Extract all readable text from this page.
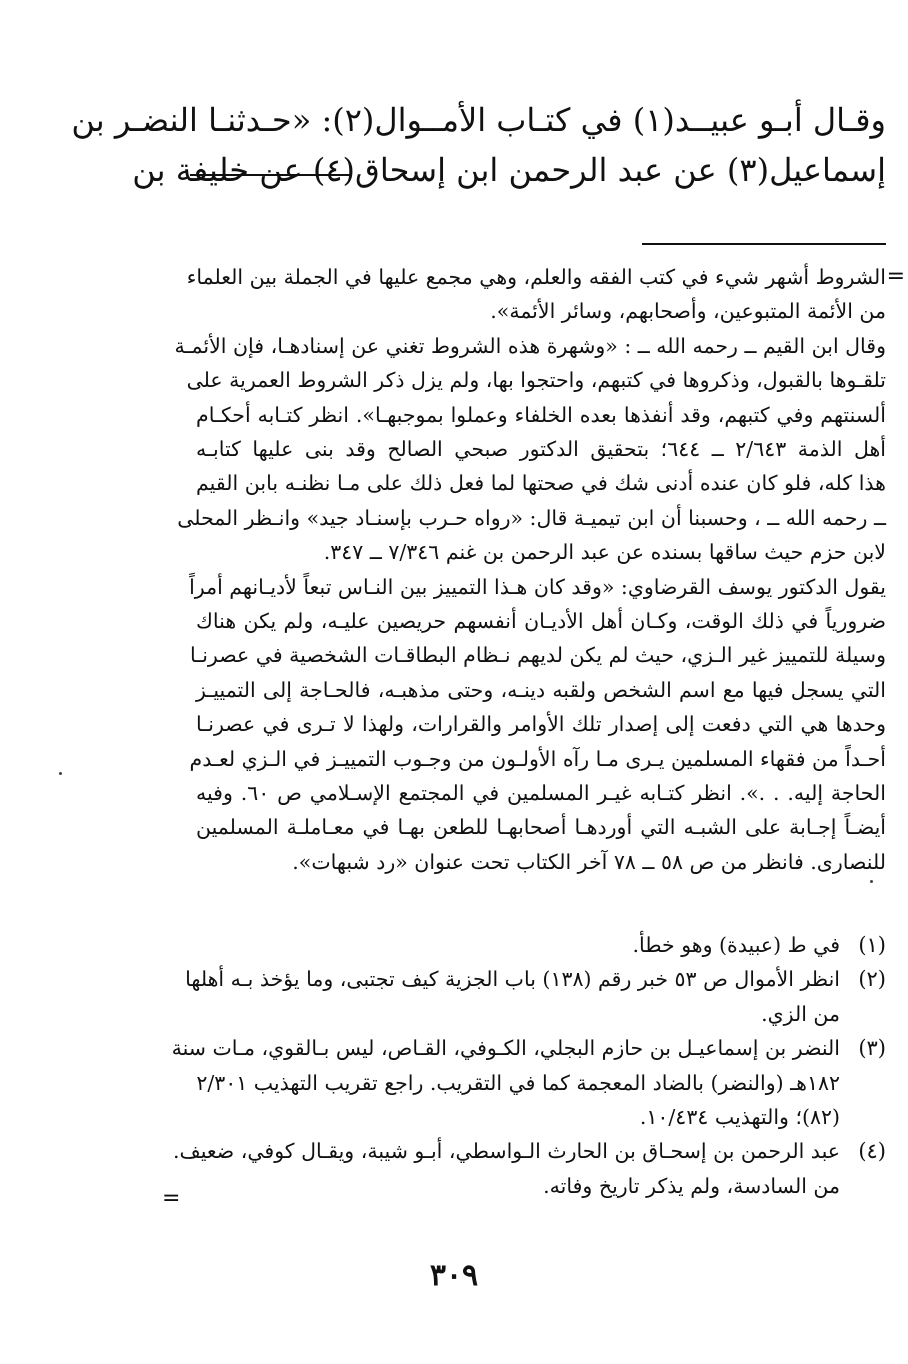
وقـال أبـو عبيــد(١) في كتـاب الأمــوال(٢): «حـدثنـا النضـر بن
إسماعيل(٣) عن عبد الرحمن ابن إسحاق(٤) عن خليفة بن
=
الشروط أشهر شيء في كتب الفقه والعلم، وهي مجمع عليها في الجملة بين العلماء
من الأئمة المتبوعين، وأصحابهم، وسائر الأئمة».
وقال ابن القيم ــ رحمه الله ــ : «وشهرة هذه الشروط تغني عن إسنادهـا، فإن الأئمـة
تلقـوها بالقبول، وذكروها في كتبهم، واحتجوا بها، ولم يزل ذكر الشروط العمرية على
ألسنتهم وفي كتبهم، وقد أنفذها بعده الخلفاء وعملوا بموجبهـا». انظر كتـابه أحكـام
أهل الذمة ٢/٦٤٣ ــ ٦٤٤؛ بتحقيق الدكتور صبحي الصالح وقد بنى عليها كتابـه
هذا كله، فلو كان عنده أدنى شك في صحتها لما فعل ذلك على مـا نظنـه بابن القيم
ــ رحمه الله ــ ، وحسبنا أن ابن تيميـة قال: «رواه حـرب بإسنـاد جيد» وانـظر المحلى
لابن حزم حيث ساقها بسنده عن عبد الرحمن بن غنم ٧/٣٤٦ ــ ٣٤٧.
يقول الدكتور يوسف القرضاوي: «وقد كان هـذا التمييز بين النـاس تبعاً لأديـانهم أمراً
ضرورياً في ذلك الوقت، وكـان أهل الأديـان أنفسهم حريصين عليـه، ولم يكن هناك
وسيلة للتمييز غير الـزي، حيث لم يكن لديهم نـظام البطاقـات الشخصية في عصرنـا
التي يسجل فيها مع اسم الشخص ولقبه دينـه، وحتى مذهبـه، فالحـاجة إلى التمييـز
وحدها هي التي دفعت إلى إصدار تلك الأوامر والقرارات، ولهذا لا تـرى في عصرنـا
أحـداً من فقهاء المسلمين يـرى مـا رآه الأولـون من وجـوب التمييـز في الـزي لعـدم
الحاجة إليه. . .». انظر كتـابه غيـر المسلمين في المجتمع الإسـلامي ص ٦٠. وفيه
أيضـاً إجـابة على الشبـه التي أوردهـا أصحابهـا للطعن بهـا في معـاملـة المسلمين
للنصارى. فانظر من ص ٥٨ ــ ٧٨ آخر الكتاب تحت عنوان «رد شبهات».
(١)
في ط (عبيدة) وهو خطأ.
(٢)
انظر الأموال ص ٥٣ خبر رقم (١٣٨) باب الجزية كيف تجتبى، وما يؤخذ بـه أهلها
من الزي.
(٣)
النضر بن إسماعيـل بن حازم البجلي، الكـوفي، القـاص، ليس بـالقوي، مـات سنة
١٨٢هـ (والنضر) بالضاد المعجمة كما في التقريب. راجع تقريب التهذيب ٢/٣٠١
(٨٢)؛ والتهذيب ١٠/٤٣٤.
(٤)
عبد الرحمن بن إسحـاق بن الحارث الـواسطي، أبـو شيبة، ويقـال كوفي، ضعيف.
من السادسة، ولم يذكر تاريخ وفاته.
=
٣٠٩
